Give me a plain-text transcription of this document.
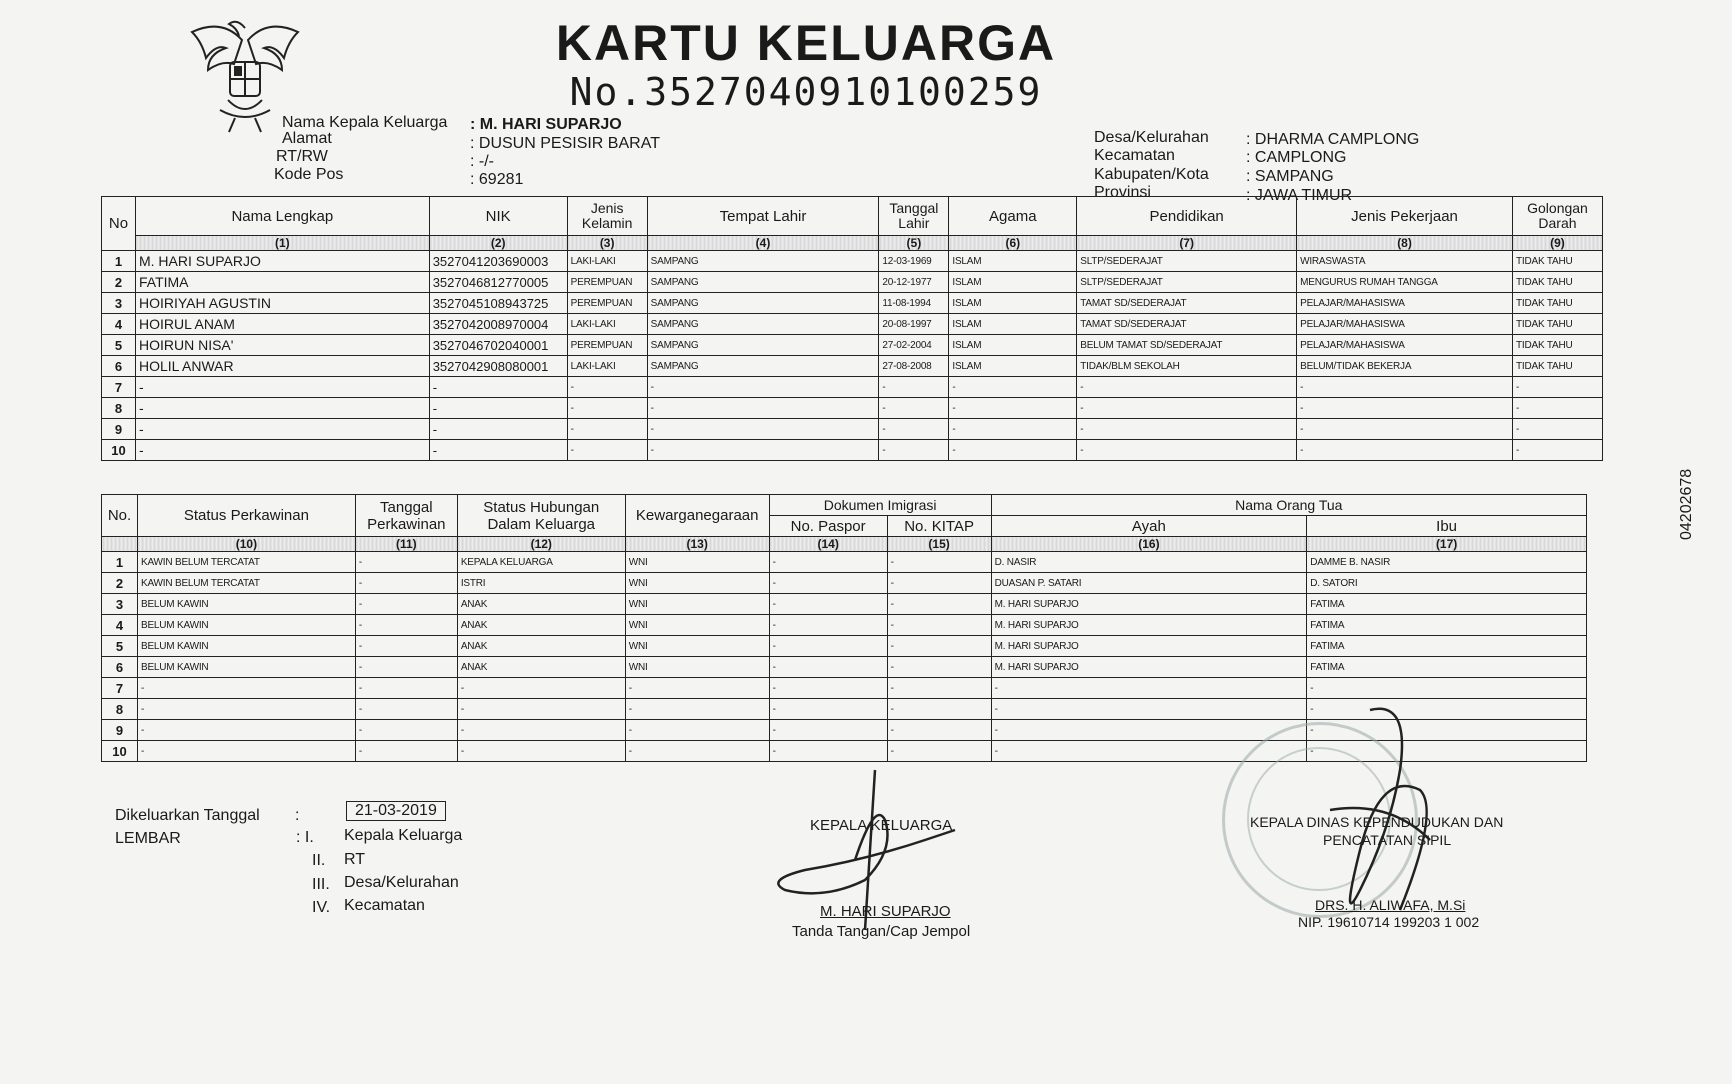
KARTU KELUARGA
No.3527040910100259
Nama Kepala Keluarga : M. HARI SUPARJO
Alamat	: DUSUN PESISIR BARAT
RT/RW	: -/-
Kode Pos	: 69281
Desa/Kelurahan : DHARMA CAMPLONG
Kecamatan	: CAMPLONG
Kabupaten/Kota : SAMPANG
Provinsi	: JAWA TIMUR
No	Nama Lengkap	NIK	Jenis Kelamin	Tempat Lahir	Tanggal Lahir	Agama	Pendidikan	Jenis Pekerjaan	Golongan Darah
	(1)	(2)	(3)	(4)	(5)	(6)	(7)	(8)	(9)
1	M. HARI SUPARJO	3527041203690003	LAKI-LAKI	SAMPANG	12-03-1969	ISLAM	SLTP/SEDERAJAT	WIRASWASTA	TIDAK TAHU
2	FATIMA	3527046812770005	PEREMPUAN	SAMPANG	20-12-1977	ISLAM	SLTP/SEDERAJAT	MENGURUS RUMAH TANGGA	TIDAK TAHU
3	HOIRIYAH AGUSTIN	3527045108943725	PEREMPUAN	SAMPANG	11-08-1994	ISLAM	TAMAT SD/SEDERAJAT	PELAJAR/MAHASISWA	TIDAK TAHU
4	HOIRUL ANAM	3527042008970004	LAKI-LAKI	SAMPANG	20-08-1997	ISLAM	TAMAT SD/SEDERAJAT	PELAJAR/MAHASISWA	TIDAK TAHU
5	HOIRUN NISA'	3527046702040001	PEREMPUAN	SAMPANG	27-02-2004	ISLAM	BELUM TAMAT SD/SEDERAJAT	PELAJAR/MAHASISWA	TIDAK TAHU
6	HOLIL ANWAR	3527042908080001	LAKI-LAKI	SAMPANG	27-08-2008	ISLAM	TIDAK/BLM SEKOLAH	BELUM/TIDAK BEKERJA	TIDAK TAHU
7	-	-	-	-	-	-	-	-	-
8	-	-	-	-	-	-	-	-	-
9	-	-	-	-	-	-	-	-	-
10	-	-	-	-	-	-	-	-	-
No.	Status Perkawinan	Tanggal Perkawinan	Status Hubungan Dalam Keluarga	Kewarganegaraan	Dokumen Imigrasi		Nama Orang Tua	
					No. Paspor	No. KITAP	Ayah	Ibu
	(10)	(11)	(12)	(13)	(14)	(15)	(16)	(17)
1	KAWIN BELUM TERCATAT	-	KEPALA KELUARGA	WNI	-	-	D. NASIR	DAMME B. NASIR
2	KAWIN BELUM TERCATAT	-	ISTRI	WNI	-	-	DUASAN P. SATARI	D. SATORI
3	BELUM KAWIN	-	ANAK	WNI	-	-	M. HARI SUPARJO	FATIMA
4	BELUM KAWIN	-	ANAK	WNI	-	-	M. HARI SUPARJO	FATIMA
5	BELUM KAWIN	-	ANAK	WNI	-	-	M. HARI SUPARJO	FATIMA
6	BELUM KAWIN	-	ANAK	WNI	-	-	M. HARI SUPARJO	FATIMA
7	-	-	-	-	-	-	-	-
8	-	-	-	-	-	-	-	-
9	-	-	-	-	-	-	-	-
10	-	-	-	-	-	-	-	-
Dikeluarkan Tanggal :	21-03-2019
LEMBAR	: I. Kepala Keluarga
II. RT
III. Desa/Kelurahan
IV. Kecamatan
KEPALA KELUARGA
M. HARI SUPARJO
Tanda Tangan/Cap Jempol
KEPALA DINAS KEPENDUDUKAN DAN
PENCATATAN SIPIL
DRS. H. ALIWAFA, M.Si
NIP. 19610714 199203 1 002
04202678
